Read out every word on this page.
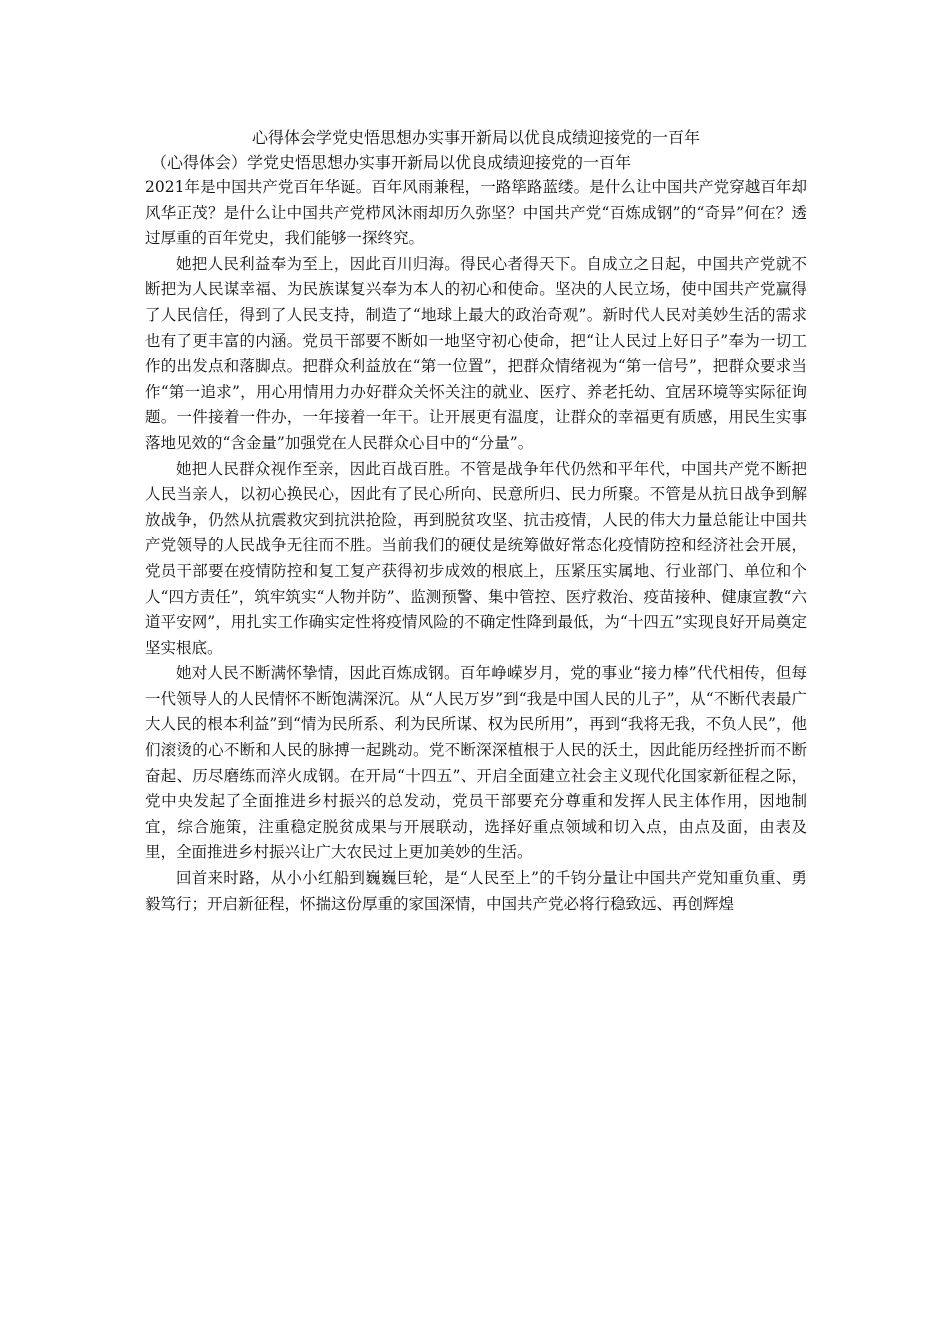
心得体会学党史悟思想办实事开新局以优良成绩迎接党的一百年

（心得体会）学党史悟思想办实事开新局以优良成绩迎接党的一百年

2021年是中国共产党百年华诞。百年风雨兼程，一路筚路蓝缕。是什么让中国共产党穿越百年却风华正茂？是什么让中国共产党栉风沐雨却历久弥坚？中国共产党“百炼成钢”的“奇异”何在？透过厚重的百年党史，我们能够一探终究。

她把人民利益奉为至上，因此百川归海。得民心者得天下。自成立之日起，中国共产党就不断把为人民谋幸福、为民族谋复兴奉为本人的初心和使命。坚决的人民立场，使中国共产党赢得了人民信任，得到了人民支持，制造了“地球上最大的政治奇观”。新时代人民对美妙生活的需求也有了更丰富的内涵。党员干部要不断如一地坚守初心使命，把“让人民过上好日子”奉为一切工作的出发点和落脚点。把群众利益放在“第一位置”，把群众情绪视为“第一信号”，把群众要求当作“第一追求”，用心用情用力办好群众关怀关注的就业、医疗、养老托幼、宜居环境等实际征询题。一件接着一件办，一年接着一年干。让开展更有温度，让群众的幸福更有质感，用民生实事落地见效的“含金量”加强党在人民群众心目中的“分量”。

她把人民群众视作至亲，因此百战百胜。不管是战争年代仍然和平年代，中国共产党不断把人民当亲人，以初心换民心，因此有了民心所向、民意所归、民力所聚。不管是从抗日战争到解放战争，仍然从抗震救灾到抗洪抢险，再到脱贫攻坚、抗击疫情，人民的伟大力量总能让中国共产党领导的人民战争无往而不胜。当前我们的硬仗是统筹做好常态化疫情防控和经济社会开展，党员干部要在疫情防控和复工复产获得初步成效的根底上，压紧压实属地、行业部门、单位和个人“四方责任”，筑牢筑实“人物并防”、监测预警、集中管控、医疗救治、疫苗接种、健康宣教“六道平安网”，用扎实工作确实定性将疫情风险的不确定性降到最低，为“十四五”实现良好开局奠定坚实根底。

她对人民不断满怀挚情，因此百炼成钢。百年峥嵘岁月，党的事业“接力棒”代代相传，但每一代领导人的人民情怀不断饱满深沉。从“人民万岁”到“我是中国人民的儿子”，从“不断代表最广大人民的根本利益”到“情为民所系、利为民所谋、权为民所用”，再到“我将无我，不负人民”，他们滚烫的心不断和人民的脉搏一起跳动。党不断深深植根于人民的沃土，因此能历经挫折而不断奋起、历尽磨练而淬火成钢。在开局“十四五”、开启全面建立社会主义现代化国家新征程之际，党中央发起了全面推进乡村振兴的总发动，党员干部要充分尊重和发挥人民主体作用，因地制宜，综合施策，注重稳定脱贫成果与开展联动，选择好重点领域和切入点，由点及面，由表及里，全面推进乡村振兴让广大农民过上更加美妙的生活。

回首来时路，从小小红船到巍巍巨轮，是“人民至上”的千钧分量让中国共产党知重负重、勇毅笃行；开启新征程，怀揣这份厚重的家国深情，中国共产党必将行稳致远、再创辉煌
